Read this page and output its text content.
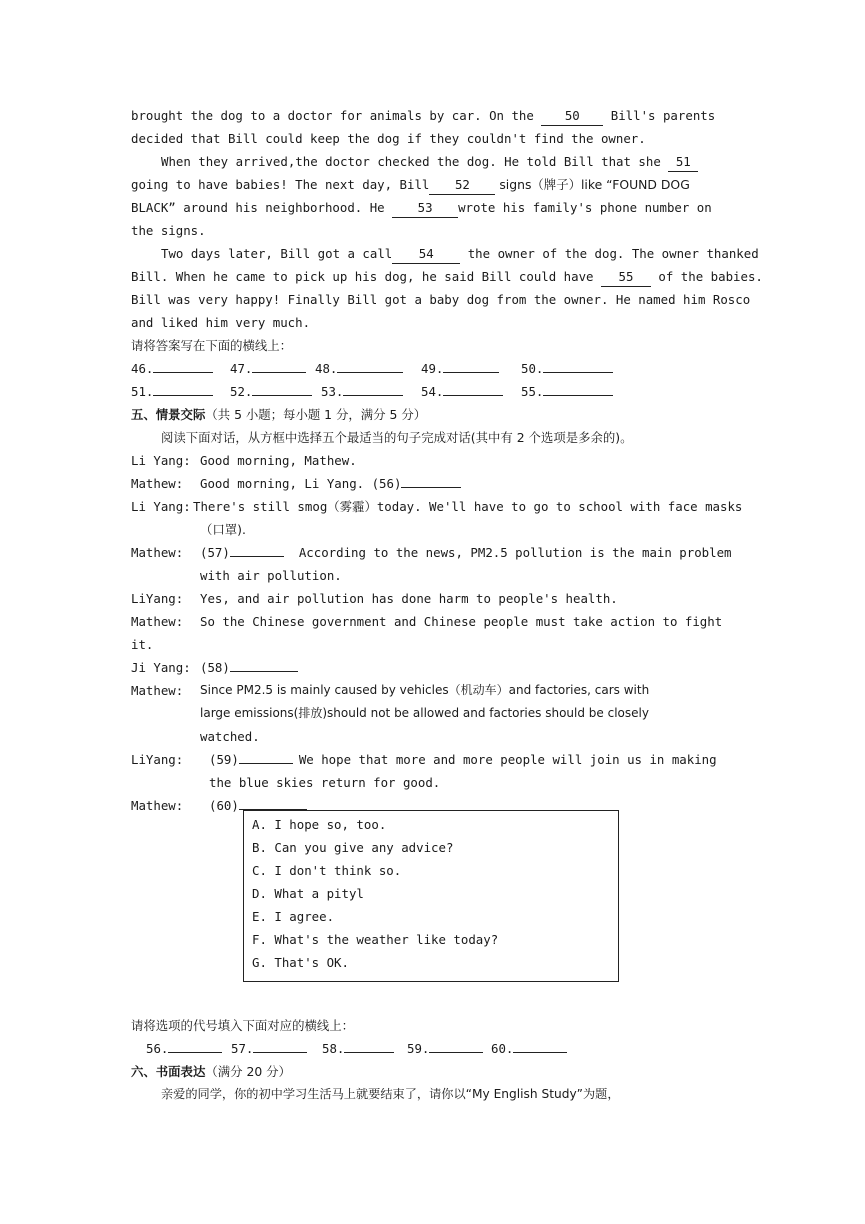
brought the dog to a doctor for animals by car. On the 50 Bill's parents
decided that Bill could keep the dog if they couldn't find the owner.
When they arrived,the doctor checked the dog. He told Bill that she 51
going to have babies! The next day, Bill 52 signs（牌子）like “FOUND DOG
BLACK” around his neighborhood. He 53 wrote his family's phone number on
the signs.
Two days later, Bill got a call 54 the owner of the dog. The owner thanked
Bill. When he came to pick up his dog, he said Bill could have 55 of the babies.
Bill was very happy! Finally Bill got a baby dog from the owner. He named him Rosco
and liked him very much.
请将答案写在下面的横线上：
46.	47.	48.	49.	50.
51.	52.	53.	54.	55.
五、情景交际（共 5 小题；每小题 1 分，满分 5 分）
阅读下面对话，从方框中选择五个最适当的句子完成对话(其中有 2 个选项是多余的)。
Li Yang: Good morning, Mathew.
Mathew: Good morning, Li Yang. (56)
Li Yang: There's still smog（雾霾）today. We'll have to go to school with face masks
（口罩).
Mathew: (57)	According to the news, PM2.5 pollution is the main problem
with air pollution.
LiYang: Yes, and air pollution has done harm to people's health.
Mathew: So the Chinese government and Chinese people must take action to fight
it.
Ji Yang: (58)
Mathew: Since PM2.5 is mainly caused by vehicles（机动车）and factories, cars with
large emissions(排放)should not be allowed and factories should be closely
watched.
LiYang: (59)	We hope that more and more people will join us in making
the blue skies return for good.
Mathew: (60)
A. I hope so, too.
B. Can you give any advice?
C. I don't think so.
D. What a pityl
E. I agree.
F. What's the weather like today?
G. That's OK.
请将选项的代号填入下面对应的横线上：
56.	57.	58.	59.	60.
六、书面表达（满分 20 分）
亲爱的同学，你的初中学习生活马上就要结束了，请你以“My English Study”为题，
